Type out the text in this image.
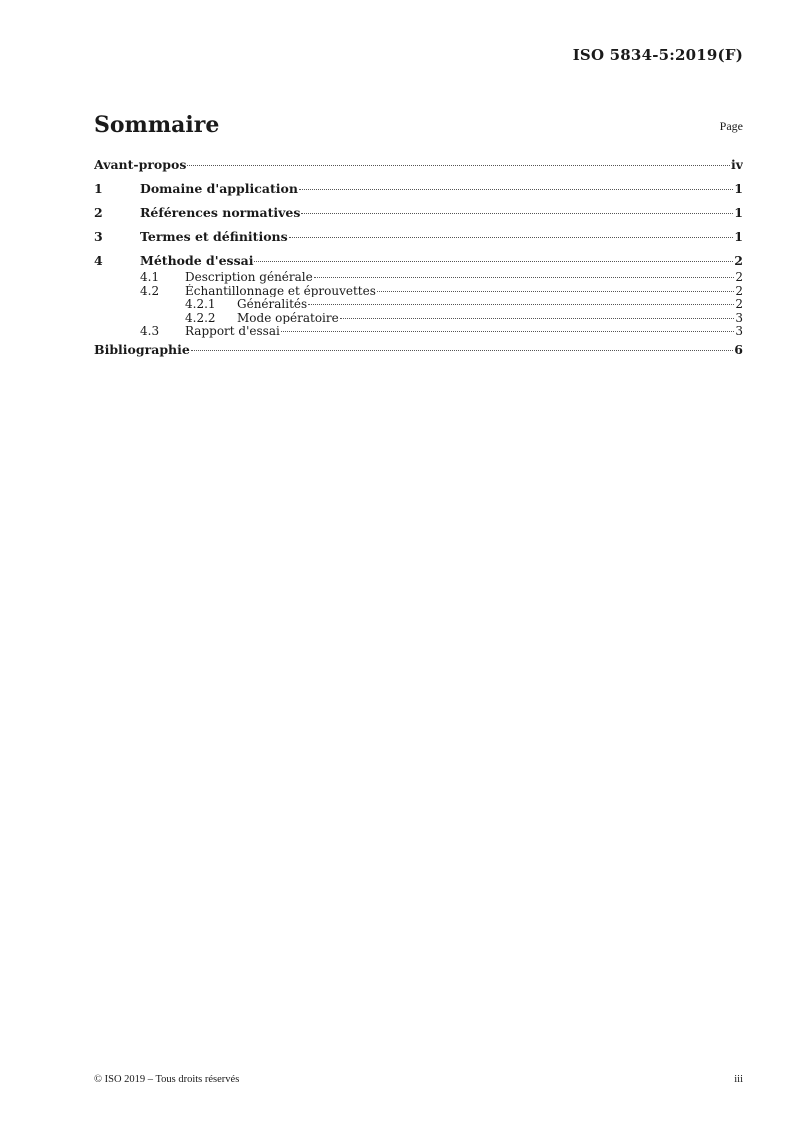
ISO 5834-5:2019(F)
Sommaire	Page
Avant-propos	iv
1	Domaine d'application	1
2	Références normatives	1
3	Termes et définitions	1
4	Méthode d'essai	2
4.1	Description générale	2
4.2	Échantillonnage et éprouvettes	2
4.2.1	Généralités	2
4.2.2	Mode opératoire	3
4.3	Rapport d'essai	3
Bibliographie	6
© ISO 2019 – Tous droits réservés	iii
